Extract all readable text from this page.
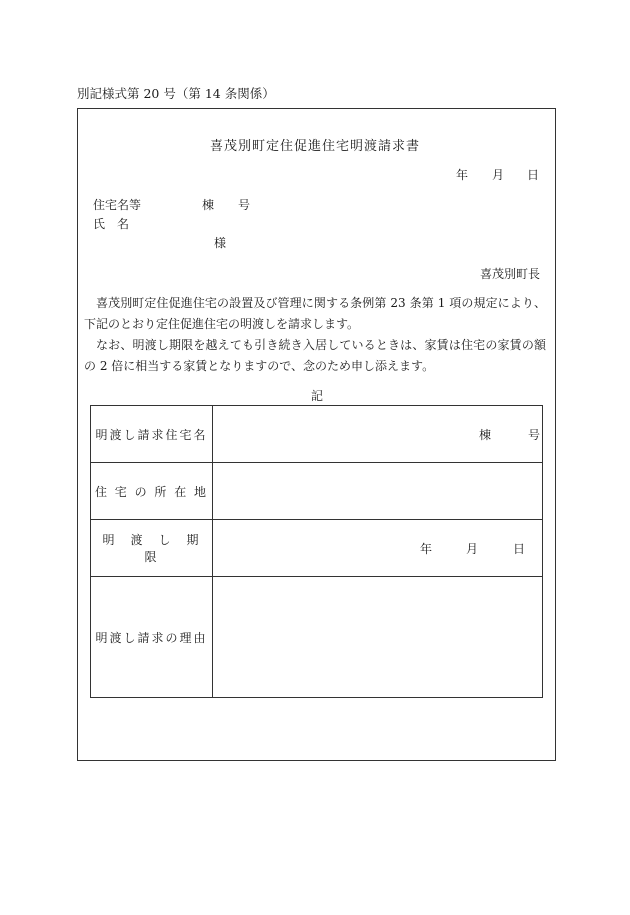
別記様式第 20 号（第 14 条関係）
喜茂別町定住促進住宅明渡請求書
年 月 日
住宅名等	棟 号
氏　名
様
喜茂別町長

喜茂別町定住促進住宅の設置及び管理に関する条例第 23 条第 1 項の規定により、下記のとおり定住促進住宅の明渡しを請求します。

なお、明渡し期限を越えても引き続き入居しているときは、家賃は住宅の家賃の額の 2 倍に相当する家賃となりますので、念のため申し添えます。

記
明渡し請求住宅名	棟 号

住 宅 の 所 在 地	
明　渡　し　期　限	年 月 日

明渡し請求の理由	
